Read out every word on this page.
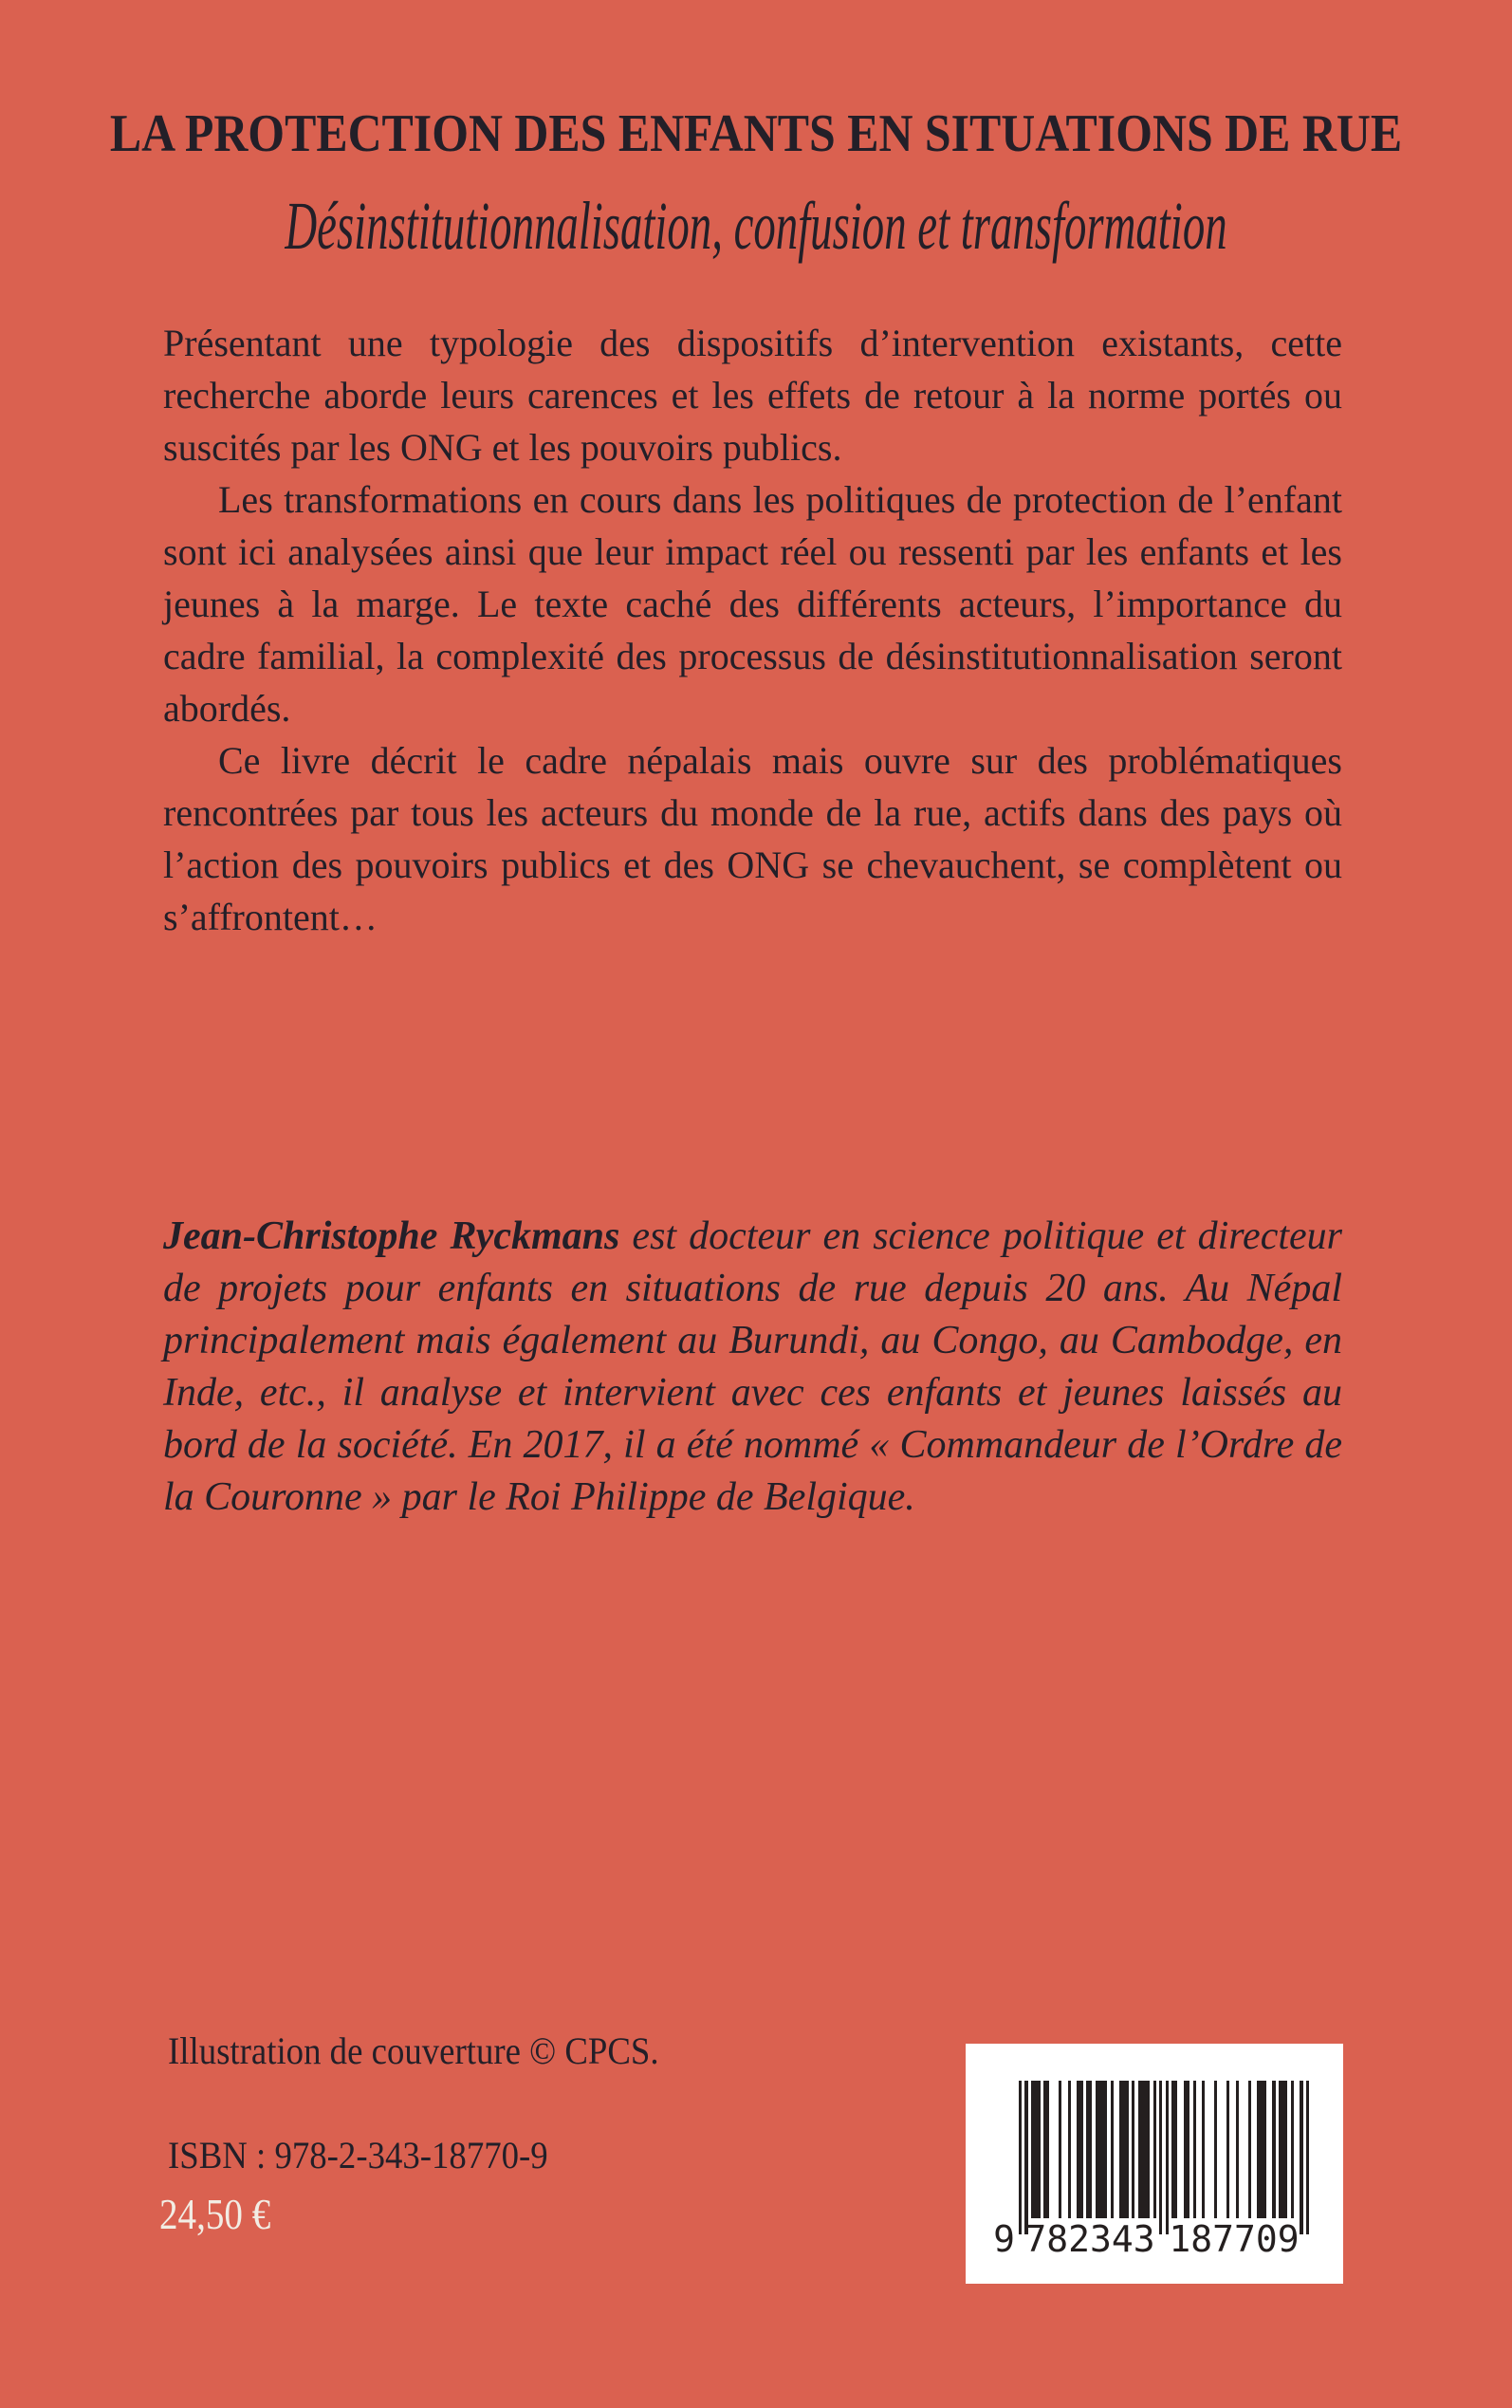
LA PROTECTION DES ENFANTS EN SITUATIONS DE RUE
Désinstitutionnalisation, confusion et transformation

Présentant une typologie des dispositifs d’intervention existants, cette recherche aborde leurs carences et les effets de retour à la norme portés ou suscités par les ONG et les pouvoirs publics.

Les transformations en cours dans les politiques de protection de l’enfant sont ici analysées ainsi que leur impact réel ou ressenti par les enfants et les jeunes à la marge. Le texte caché des différents acteurs, l’importance du cadre familial, la complexité des processus de désinstitutionnalisation seront abordés.

Ce livre décrit le cadre népalais mais ouvre sur des problématiques rencontrées par tous les acteurs du monde de la rue, actifs dans des pays où l’action des pouvoirs publics et des ONG se chevauchent, se complètent ou s’affrontent…

Jean-Christophe Ryckmans est docteur en science politique et directeur de projets pour enfants en situations de rue depuis 20 ans. Au Népal principalement mais également au Burundi, au Congo, au Cambodge, en Inde, etc., il analyse et intervient avec ces enfants et jeunes laissés au bord de la société. En 2017, il a été nommé « Commandeur de l’Ordre de la Couronne » par le Roi Philippe de Belgique.

Illustration de couverture © CPCS.
ISBN : 978-2-343-18770-9
24,50 €
9 782343 187709
